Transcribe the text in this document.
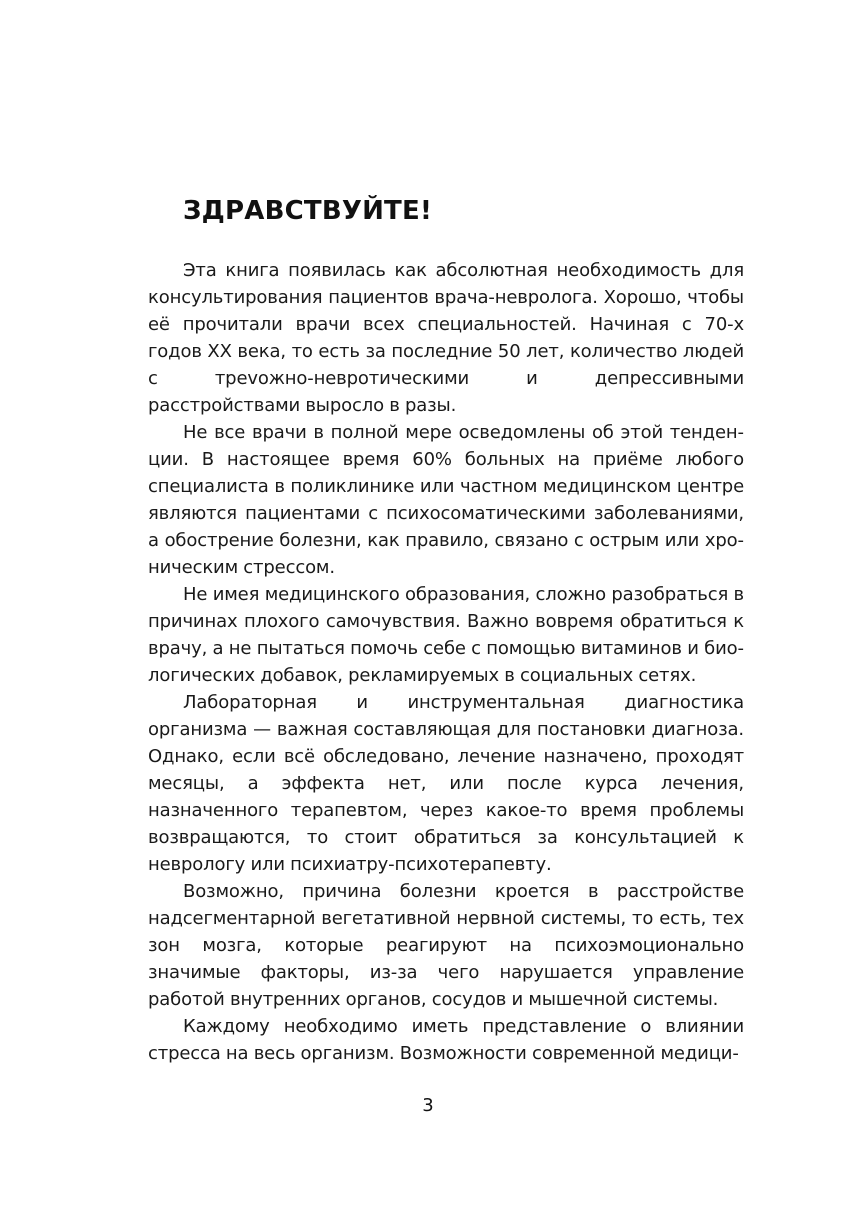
ЗДРАВСТВУЙТЕ!

Эта книга появилась как абсолютная необходимость для консультирования пациентов врача-невролога. Хорошо, чтобы её прочитали врачи всех специальностей. Начиная с 70-х годов XX века, то есть за последние 50 лет, количество людей с треvожно-невротическими и депрессивными расстройствами выросло в разы.

Не все врачи в полной мере осведомлены об этой тенденции. В настоящее время 60% больных на приёме любого специалиста в поликлинике или частном медицинском центре являются пациентами с психосоматическими заболеваниями, а обострение болезни, как правило, связано с острым или хроническим стрессом.

Не имея медицинского образования, сложно разобраться в причинах плохого самочувствия. Важно вовремя обратиться к врачу, а не пытаться помочь себе с помощью витаминов и биологических добавок, рекламируемых в социальных сетях.

Лабораторная и инструментальная диагностика организма — важная составляющая для постановки диагноза. Однако, если всё обследовано, лечение назначено, проходят месяцы, а эффекта нет, или после курса лечения, назначенного терапевтом, через какое-то время проблемы возвращаются, то стоит обратиться за консультацией к неврологу или психиатру-психотерапевту.

Возможно, причина болезни кроется в расстройстве надсегментарной вегетативной нервной системы, то есть, тех зон мозга, которые реагируют на психоэмоционально значимые факторы, из-за чего нарушается управление работой внутренних органов, сосудов и мышечной системы.

Каждому необходимо иметь представление о влиянии стресса на весь организм. Возможности современной медици-

3
